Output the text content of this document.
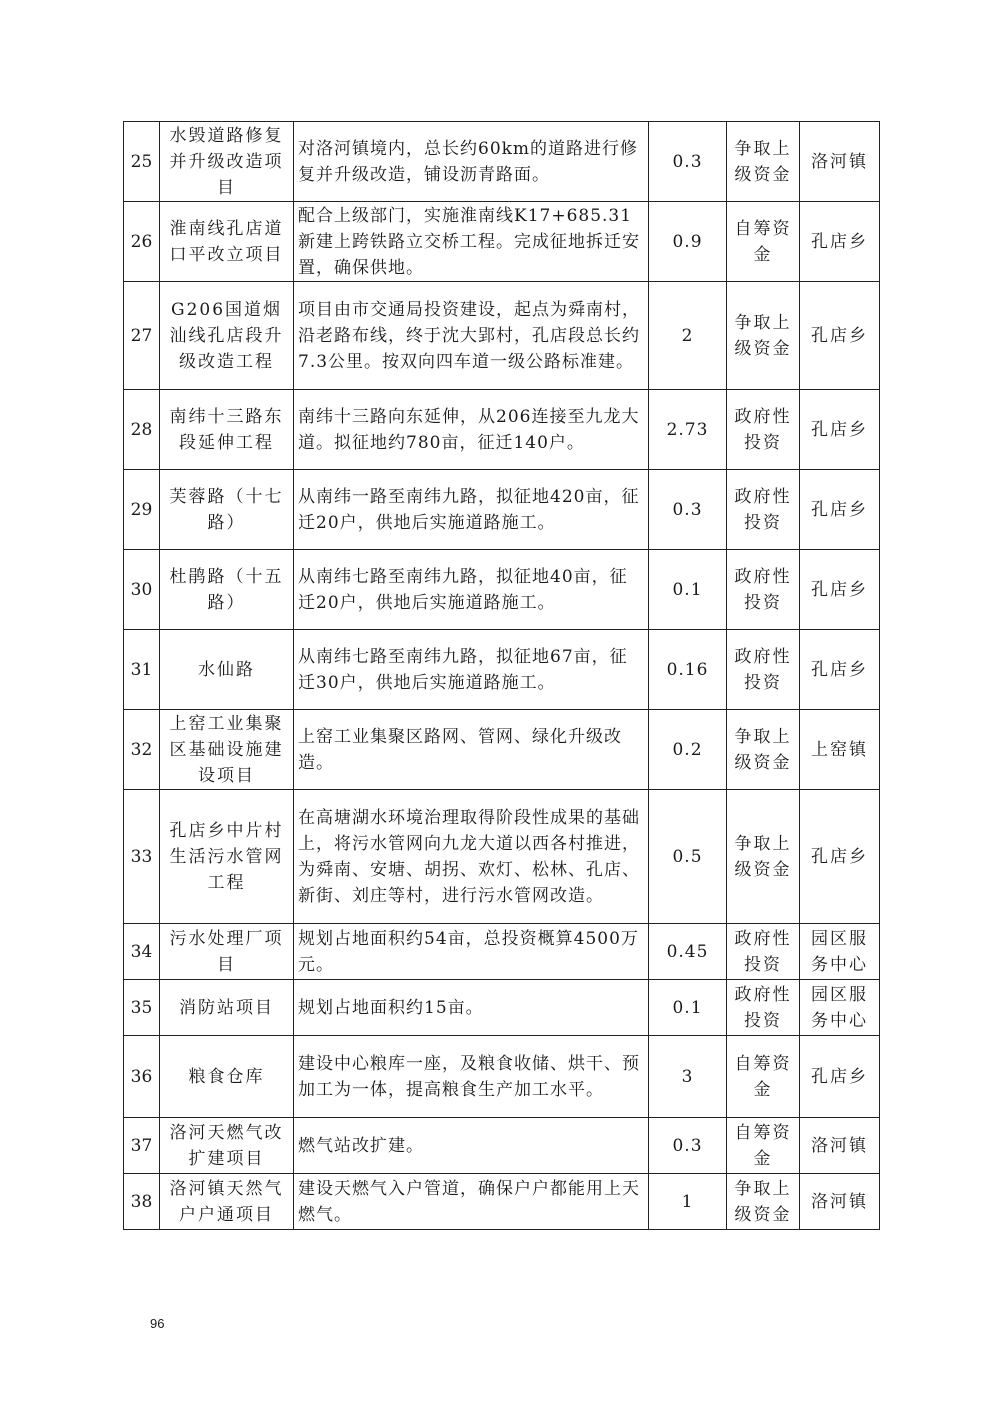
25	水毁道路修复并升级改造项目	对洛河镇境内，总长约60km的道路进行修复并升级改造，铺设沥青路面。	0.3	争取上级资金	洛河镇
26	淮南线孔店道口平改立项目	配合上级部门，实施淮南线K17+685.31新建上跨铁路立交桥工程。完成征地拆迁安置，确保供地。	0.9	自筹资金	孔店乡
27	G206国道烟汕线孔店段升级改造工程	项目由市交通局投资建设，起点为舜南村，沿老路布线，终于沈大郢村，孔店段总长约7.3公里。按双向四车道一级公路标准建。	2	争取上级资金	孔店乡
28	南纬十三路东段延伸工程	南纬十三路向东延伸，从206连接至九龙大道。拟征地约780亩，征迁140户。	2.73	政府性投资	孔店乡
29	芙蓉路（十七路）	从南纬一路至南纬九路，拟征地420亩，征迁20户，供地后实施道路施工。	0.3	政府性投资	孔店乡
30	杜鹃路（十五路）	从南纬七路至南纬九路，拟征地40亩，征迁20户，供地后实施道路施工。	0.1	政府性投资	孔店乡
31	水仙路	从南纬七路至南纬九路，拟征地67亩，征迁30户，供地后实施道路施工。	0.16	政府性投资	孔店乡
32	上窑工业集聚区基础设施建设项目	上窑工业集聚区路网、管网、绿化升级改造。	0.2	争取上级资金	上窑镇
33	孔店乡中片村生活污水管网工程	在高塘湖水环境治理取得阶段性成果的基础上，将污水管网向九龙大道以西各村推进，为舜南、安塘、胡拐、欢灯、松林、孔店、新街、刘庄等村，进行污水管网改造。	0.5	争取上级资金	孔店乡
34	污水处理厂项目	规划占地面积约54亩，总投资概算4500万元。	0.45	政府性投资	园区服务中心
35	消防站项目	规划占地面积约15亩。	0.1	政府性投资	园区服务中心
36	粮食仓库	建设中心粮库一座，及粮食收储、烘干、预加工为一体，提高粮食生产加工水平。	3	自筹资金	孔店乡
37	洛河天燃气改扩建项目	燃气站改扩建。	0.3	自筹资金	洛河镇
38	洛河镇天然气户户通项目	建设天燃气入户管道，确保户户都能用上天燃气。	1	争取上级资金	洛河镇
96
